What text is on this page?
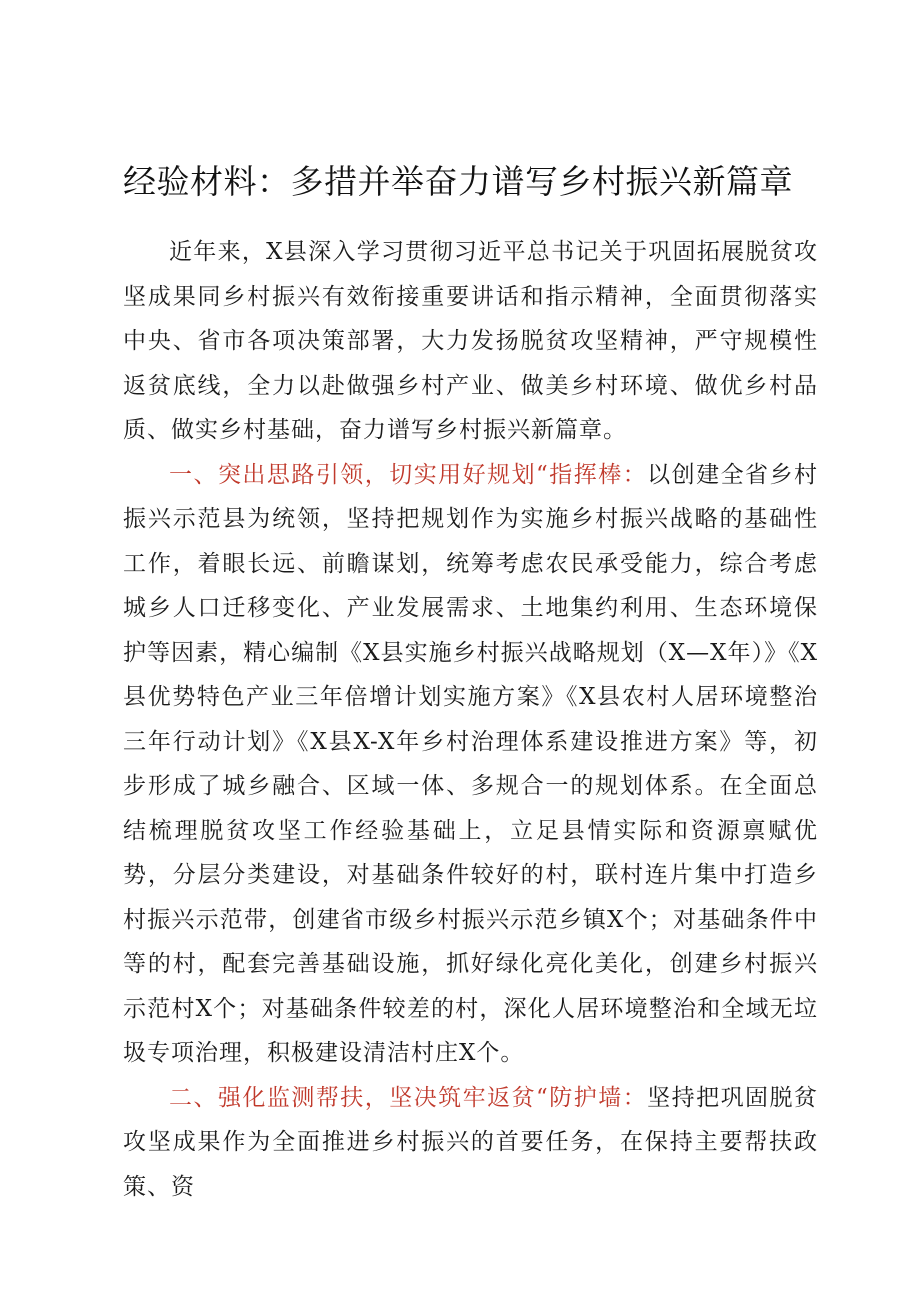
经验材料：多措并举奋力谱写乡村振兴新篇章

近年来，X县深入学习贯彻习近平总书记关于巩固拓展脱贫攻坚成果同乡村振兴有效衔接重要讲话和指示精神，全面贯彻落实中央、省市各项决策部署，大力发扬脱贫攻坚精神，严守规模性返贫底线，全力以赴做强乡村产业、做美乡村环境、做优乡村品质、做实乡村基础，奋力谱写乡村振兴新篇章。

一、突出思路引领，切实用好规划“指挥棒：以创建全省乡村振兴示范县为统领，坚持把规划作为实施乡村振兴战略的基础性工作，着眼长远、前瞻谋划，统筹考虑农民承受能力，综合考虑城乡人口迁移变化、产业发展需求、土地集约利用、生态环境保护等因素，精心编制《X县实施乡村振兴战略规划（X—X年）》《X县优势特色产业三年倍增计划实施方案》《X县农村人居环境整治三年行动计划》《X县X-X年乡村治理体系建设推进方案》等，初步形成了城乡融合、区域一体、多规合一的规划体系。在全面总结梳理脱贫攻坚工作经验基础上，立足县情实际和资源禀赋优势，分层分类建设，对基础条件较好的村，联村连片集中打造乡村振兴示范带，创建省市级乡村振兴示范乡镇X个；对基础条件中等的村，配套完善基础设施，抓好绿化亮化美化，创建乡村振兴示范村X个；对基础条件较差的村，深化人居环境整治和全域无垃圾专项治理，积极建设清洁村庄X个。

二、强化监测帮扶，坚决筑牢返贫“防护墙：坚持把巩固脱贫攻坚成果作为全面推进乡村振兴的首要任务，在保持主要帮扶政策、资
